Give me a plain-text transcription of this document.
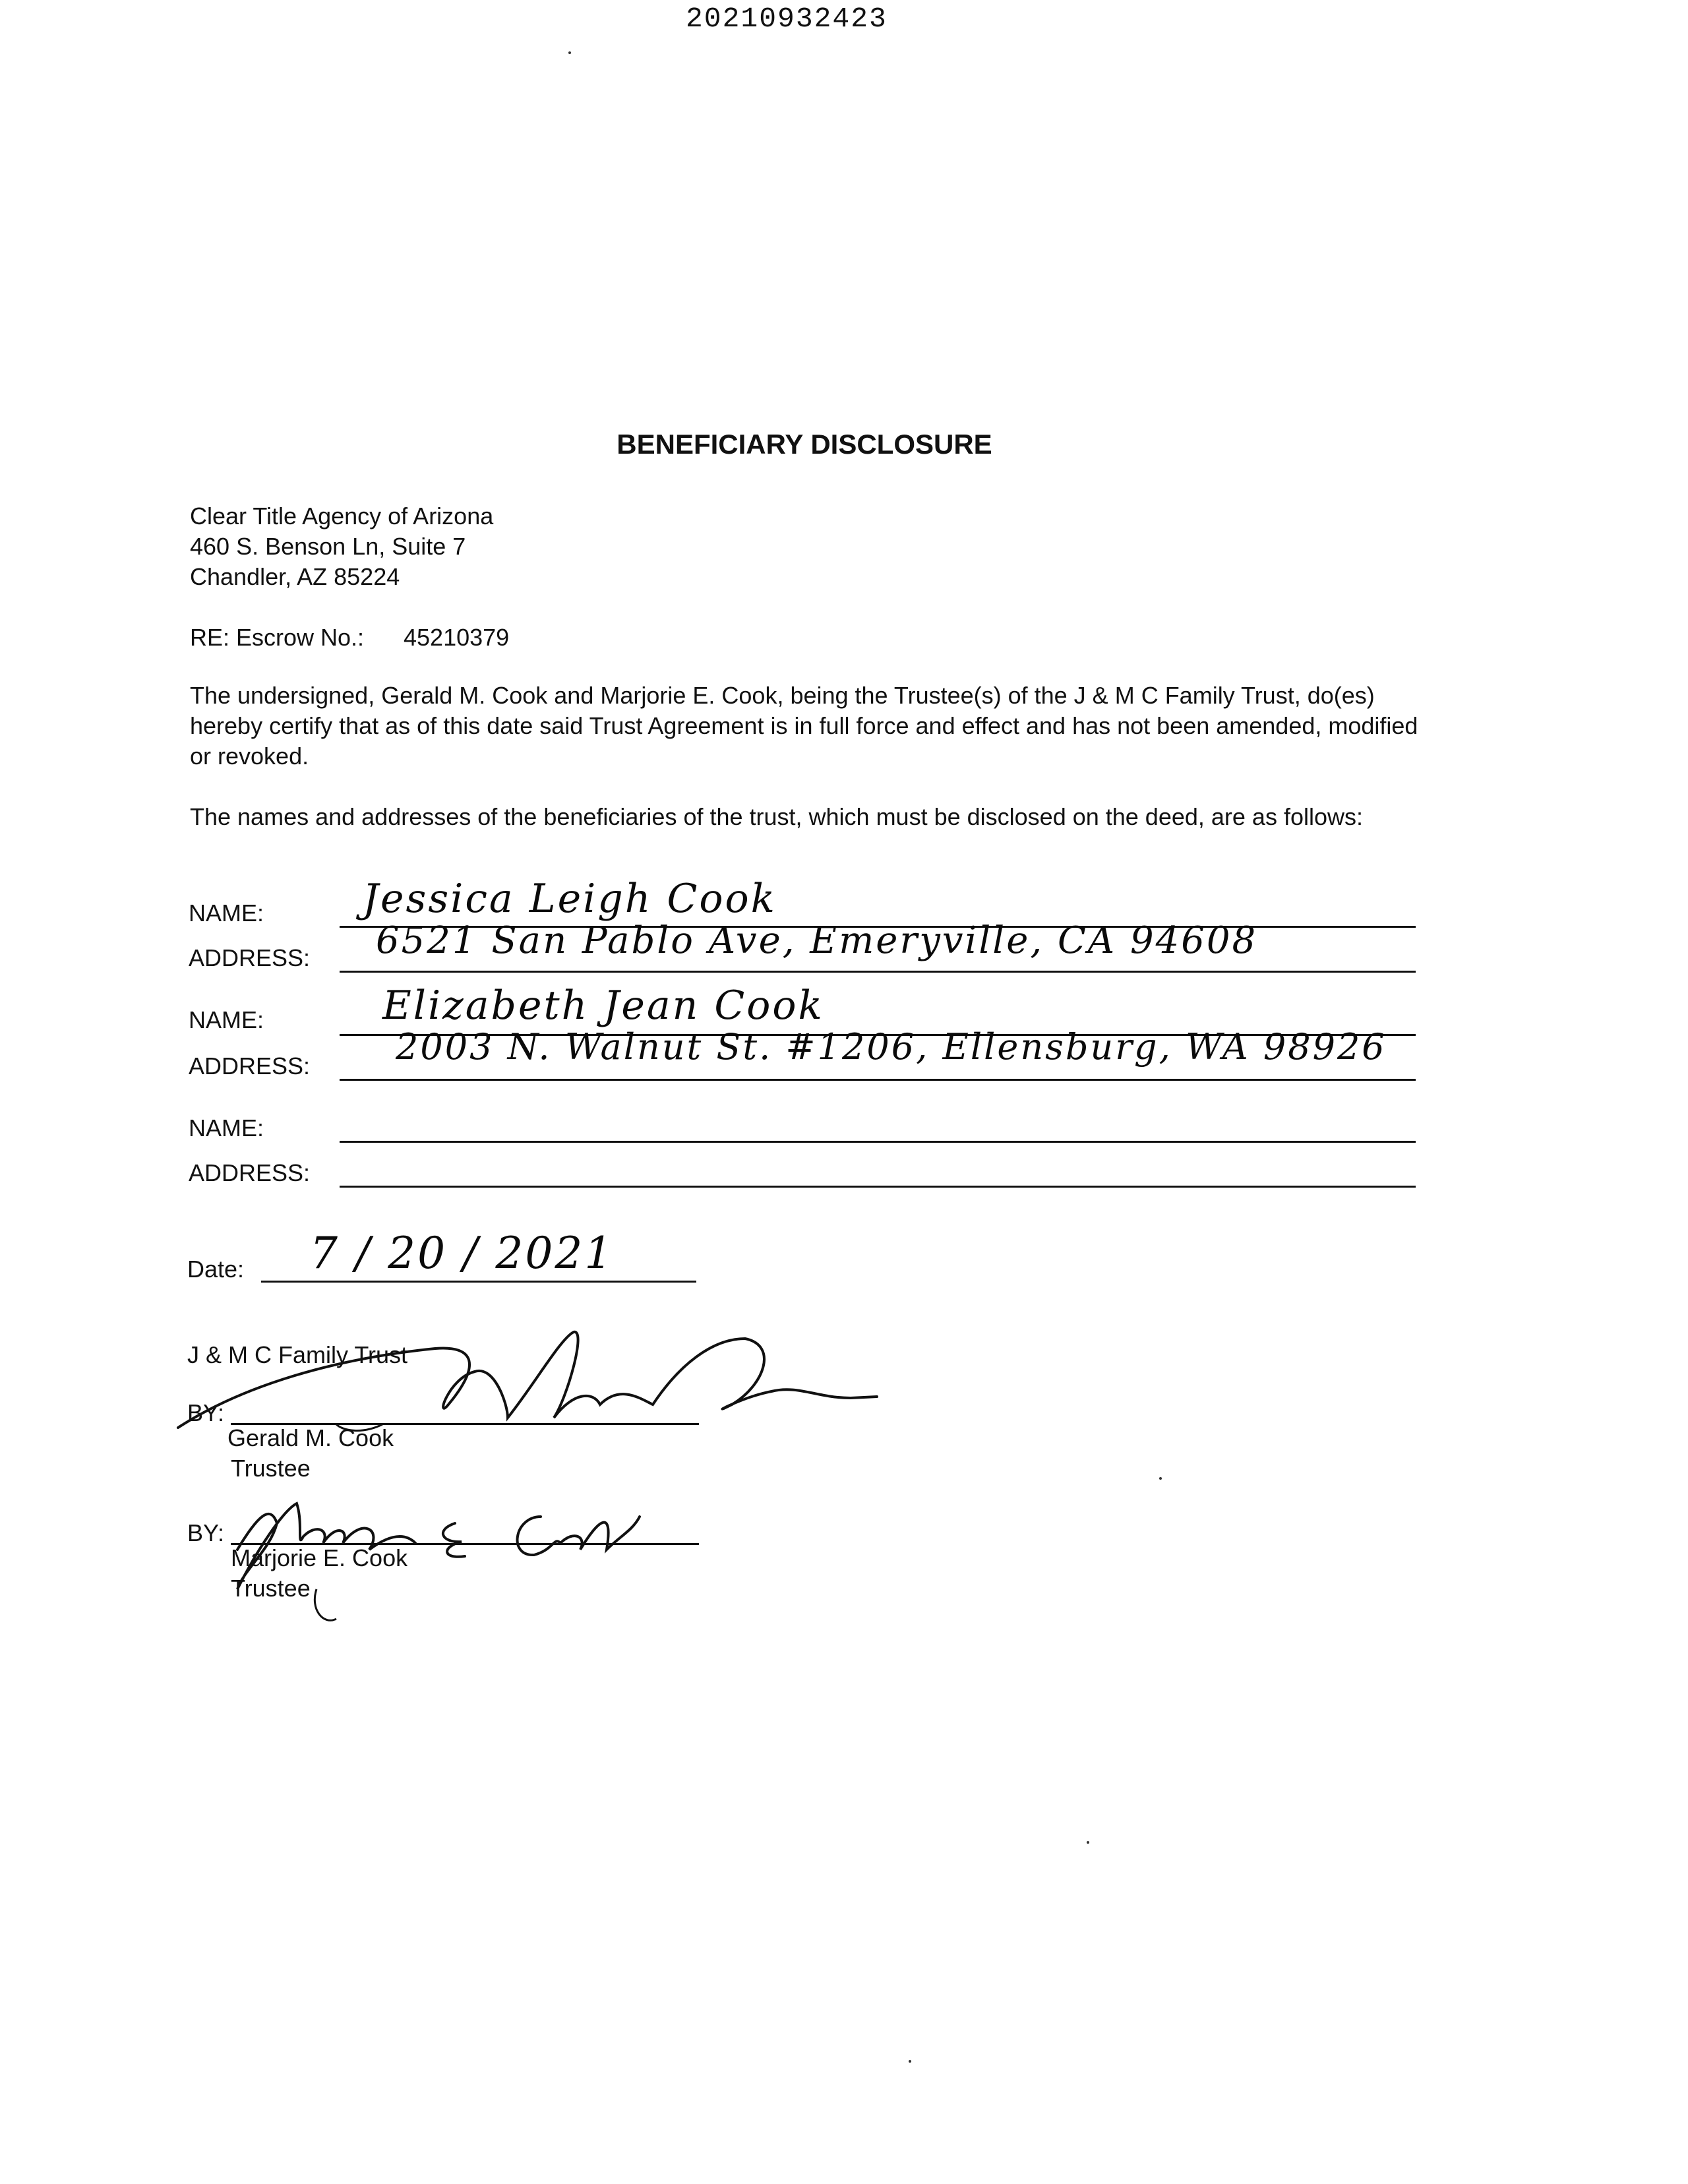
20210932423
BENEFICIARY DISCLOSURE
Clear Title Agency of Arizona
460 S. Benson Ln, Suite 7
Chandler, AZ 85224
RE: Escrow No.: 45210379
The undersigned, Gerald M. Cook and Marjorie E. Cook, being the Trustee(s) of the J & M C Family Trust, do(es) hereby certify that as of this date said Trust Agreement is in full force and effect and has not been amended, modified or revoked.
The names and addresses of the beneficiaries of the trust, which must be disclosed on the deed, are as follows:
NAME: Jessica Leigh Cook
ADDRESS: 6521 San Pablo Ave, Emeryville, CA 94608
NAME:	Elizabeth Jean Cook
ADDRESS: 2003 N. Walnut St. #1206, Ellensburg, WA 98926
NAME:
ADDRESS:
Date: 7 / 20 / 2021
J & M C Family Trust
BY:
Gerald M. Cook
Trustee
BY:
Marjorie E. Cook
Trustee
